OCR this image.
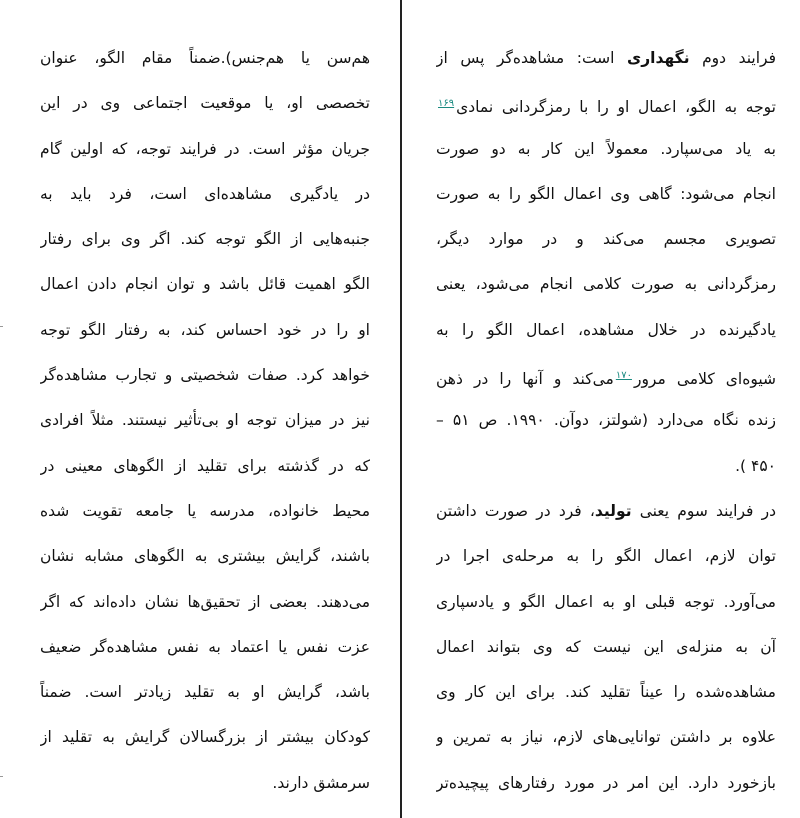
فرایند دوم نگهداری است: مشاهده‌گر پس از
توجه به الگو، اعمال او را با رمزگردانی نمادی$^{۱۶۹}$
به یاد می‌سپارد. معمولاً این کار به دو صورت
انجام می‌شود: گاهی وی اعمال الگو را به صورت
تصویری مجسم می‌کند و در موارد دیگر،
رمزگردانی به صورت کلامی انجام می‌شود، یعنی
یادگیرنده در خلال مشاهده، اعمال الگو را به
شیوه‌ای کلامی مرور$^{۱۷۰}$می‌کند و آنها را در ذهن
زنده نگاه می‌دارد (شولتز، دوآن. ۱۹۹۰. ص ۵۱ –
۴۵۰ ).
در فرایند سوم یعنی تولید، فرد در صورت داشتن
توان لازم، اعمال الگو را به مرحله‌ی اجرا در
می‌آورد. توجه قبلی او به اعمال الگو و یادسپاری
آن به منزله‌ی این نیست که وی بتواند اعمال
مشاهده‌شده را عیناً تقلید کند. برای این کار وی
علاوه بر داشتن توانایی‌های لازم، نیاز به تمرین و
بازخورد دارد. این امر در مورد رفتارهای پیچیده‌تر
هم‌سن یا هم‌جنس).ضمناً مقام الگو، عنوان
تخصصی او، یا موقعیت اجتماعی وی در این
جریان مؤثر است. در فرایند توجه، که اولین گام
در یادگیری مشاهده‌ای است، فرد باید به
جنبه‌هایی از الگو توجه کند. اگر وی برای رفتار
الگو اهمیت قائل باشد و توان انجام دادن اعمال
او را در خود احساس کند، به رفتار الگو توجه
خواهد کرد. صفات شخصیتی و تجارب مشاهده‌گر
نیز در میزان توجه او بی‌تأثیر نیستند. مثلاً افرادی
که در گذشته برای تقلید از الگوهای معینی در
محیط خانواده، مدرسه یا جامعه تقویت شده
باشند، گرایش بیشتری به الگوهای مشابه نشان
می‌دهند. بعضی از تحقیق‌ها نشان داده‌اند که اگر
عزت نفس یا اعتماد به نفس مشاهده‌گر ضعیف
باشد، گرایش او به تقلید زیادتر است. ضمناً
کودکان بیشتر از بزرگسالان گرایش به تقلید از
سرمشق دارند.
